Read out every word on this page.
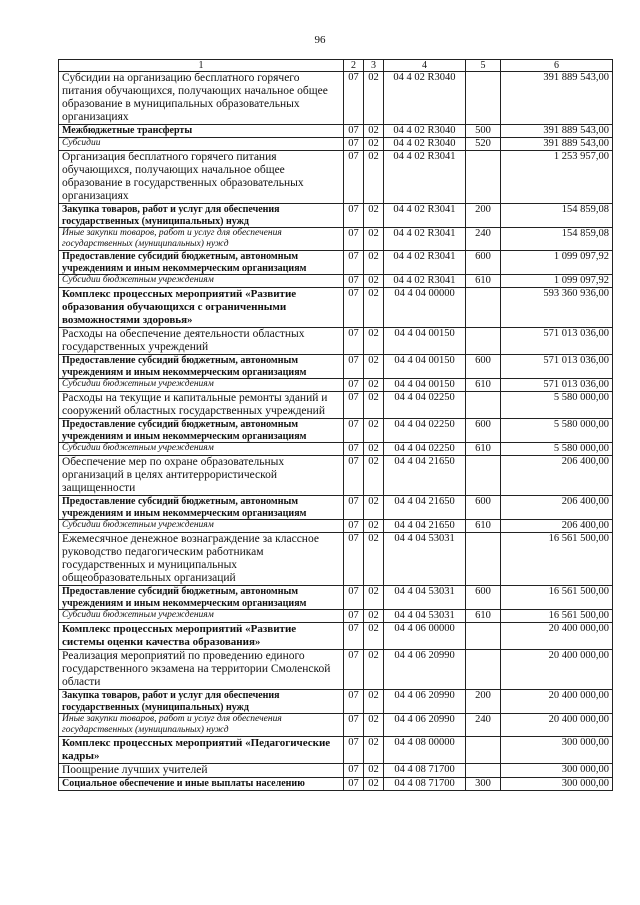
96
1	2	3	4	5	6
Субсидии на организацию бесплатного горячего питания обучающихся, получающих начальное общее образование в муниципальных образовательных организациях	07	02	04 4 02 R3040		391 889 543,00
Межбюджетные трансферты	07	02	04 4 02 R3040	500	391 889 543,00
Субсидии	07	02	04 4 02 R3040	520	391 889 543,00
Организация бесплатного горячего питания обучающихся, получающих начальное общее образование в государственных образовательных организациях	07	02	04 4 02 R3041		1 253 957,00
Закупка товаров, работ и услуг для обеспечения государственных (муниципальных) нужд	07	02	04 4 02 R3041	200	154 859,08
Иные закупки товаров, работ и услуг для обеспечения государственных (муниципальных) нужд	07	02	04 4 02 R3041	240	154 859,08
Предоставление субсидий бюджетным, автономным учреждениям и иным некоммерческим организациям	07	02	04 4 02 R3041	600	1 099 097,92
Субсидии бюджетным учреждениям	07	02	04 4 02 R3041	610	1 099 097,92
Комплекс процессных мероприятий «Развитие образования обучающихся с ограниченными возможностями здоровья»	07	02	04 4 04 00000		593 360 936,00
Расходы на обеспечение деятельности областных государственных учреждений	07	02	04 4 04 00150		571 013 036,00
Предоставление субсидий бюджетным, автономным учреждениям и иным некоммерческим организациям	07	02	04 4 04 00150	600	571 013 036,00
Субсидии бюджетным учреждениям	07	02	04 4 04 00150	610	571 013 036,00
Расходы на текущие и капитальные ремонты зданий и сооружений областных государственных учреждений	07	02	04 4 04 02250		5 580 000,00
Предоставление субсидий бюджетным, автономным учреждениям и иным некоммерческим организациям	07	02	04 4 04 02250	600	5 580 000,00
Субсидии бюджетным учреждениям	07	02	04 4 04 02250	610	5 580 000,00
Обеспечение мер по охране образовательных организаций в целях антитеррористической защищенности	07	02	04 4 04 21650		206 400,00
Предоставление субсидий бюджетным, автономным учреждениям и иным некоммерческим организациям	07	02	04 4 04 21650	600	206 400,00
Субсидии бюджетным учреждениям	07	02	04 4 04 21650	610	206 400,00
Ежемесячное денежное вознаграждение за классное руководство педагогическим работникам государственных и муниципальных общеобразовательных организаций	07	02	04 4 04 53031		16 561 500,00
Предоставление субсидий бюджетным, автономным учреждениям и иным некоммерческим организациям	07	02	04 4 04 53031	600	16 561 500,00
Субсидии бюджетным учреждениям	07	02	04 4 04 53031	610	16 561 500,00
Комплекс процессных мероприятий «Развитие системы оценки качества образования»	07	02	04 4 06 00000		20 400 000,00
Реализация мероприятий по проведению единого государственного экзамена на территории Смоленской области	07	02	04 4 06 20990		20 400 000,00
Закупка товаров, работ и услуг для обеспечения государственных (муниципальных) нужд	07	02	04 4 06 20990	200	20 400 000,00
Иные закупки товаров, работ и услуг для обеспечения государственных (муниципальных) нужд	07	02	04 4 06 20990	240	20 400 000,00
Комплекс процессных мероприятий «Педагогические кадры»	07	02	04 4 08 00000		300 000,00
Поощрение лучших учителей	07	02	04 4 08 71700		300 000,00
Социальное обеспечение и иные выплаты населению	07	02	04 4 08 71700	300	300 000,00
